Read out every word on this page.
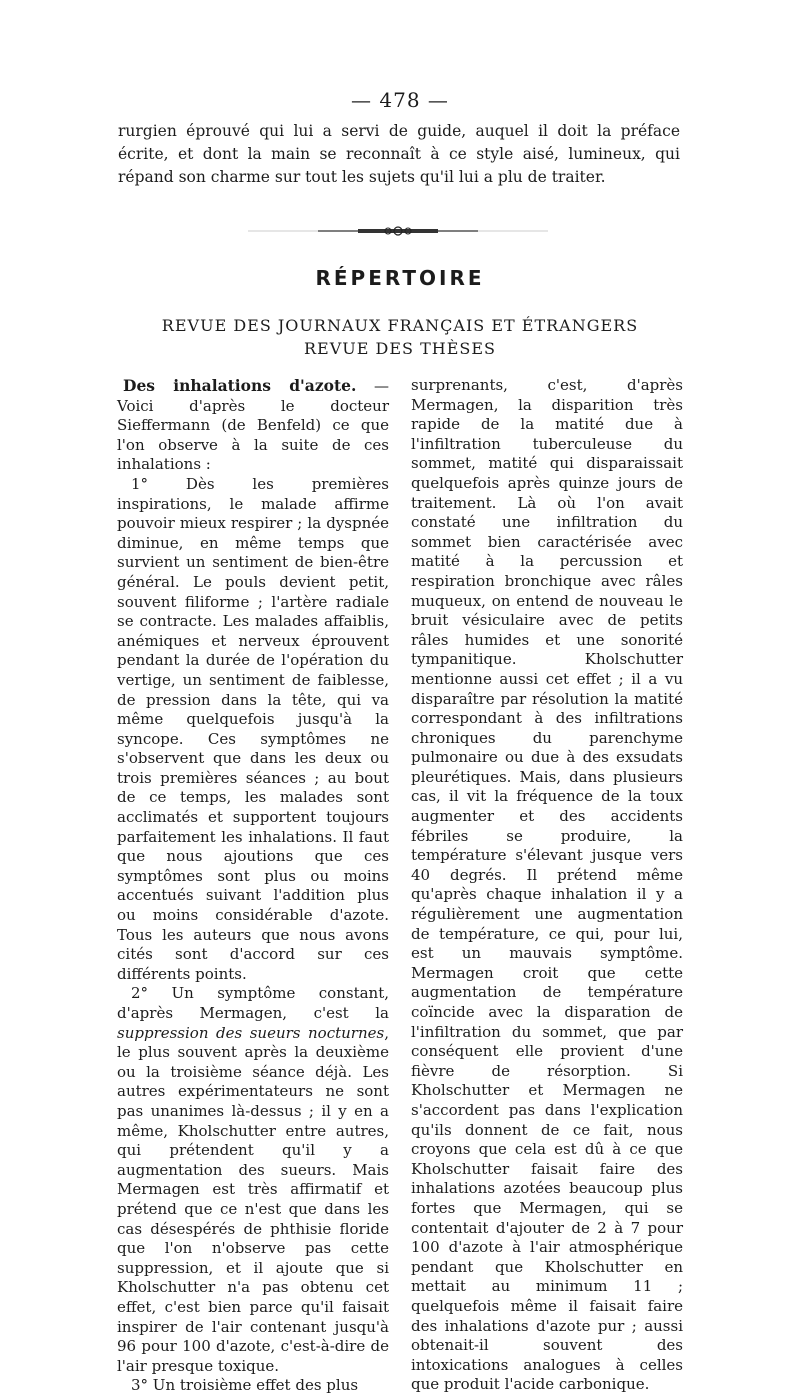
— 478 —

rurgien éprouvé qui lui a servi de guide, auquel il doit la préface écrite, et dont la main se reconnaît à ce style aisé, lumineux, qui répand son charme sur tout les sujets qu'il lui a plu de traiter.

RÉPERTOIRE
REVUE DES JOURNAUX FRANÇAIS ET ÉTRANGERS
REVUE DES THÈSES

Des inhalations d'azote. — Voici d'après le docteur Sieffermann (de Benfeld) ce que l'on observe à la suite de ces inhalations :

1° Dès les premières inspirations, le malade affirme pouvoir mieux respirer ; la dyspnée diminue, en même temps que survient un sentiment de bien-être général. Le pouls devient petit, souvent filiforme ; l'artère radiale se contracte. Les malades affaiblis, anémiques et nerveux éprouvent pendant la durée de l'opération du vertige, un sentiment de faiblesse, de pression dans la tête, qui va même quelquefois jusqu'à la syncope. Ces symptômes ne s'observent que dans les deux ou trois premières séances ; au bout de ce temps, les malades sont acclimatés et supportent toujours parfaitement les inhalations. Il faut que nous ajoutions que ces symptômes sont plus ou moins accentués suivant l'addition plus ou moins considérable d'azote. Tous les auteurs que nous avons cités sont d'accord sur ces différents points.

2° Un symptôme constant, d'après Mermagen, c'est la suppression des sueurs nocturnes, le plus souvent après la deuxième ou la troisième séance déjà. Les autres expérimentateurs ne sont pas unanimes là-dessus ; il y en a même, Kholschutter entre autres, qui prétendent qu'il y a augmentation des sueurs. Mais Mermagen est très affirmatif et prétend que ce n'est que dans les cas désespérés de phthisie floride que l'on n'observe pas cette suppression, et il ajoute que si Kholschutter n'a pas obtenu cet effet, c'est bien parce qu'il faisait inspirer de l'air contenant jusqu'à 96 pour 100 d'azote, c'est-à-dire de l'air presque toxique.

3° Un troisième effet des plus

surprenants, c'est, d'après Mermagen, la disparition très rapide de la matité due à l'infiltration tuberculeuse du sommet, matité qui disparaissait quelquefois après quinze jours de traitement. Là où l'on avait constaté une infiltration du sommet bien caractérisée avec matité à la percussion et respiration bronchique avec râles muqueux, on entend de nouveau le bruit vésiculaire avec de petits râles humides et une sonorité tympanitique. Kholschutter mentionne aussi cet effet ; il a vu disparaître par résolution la matité correspondant à des infiltrations chroniques du parenchyme pulmonaire ou due à des exsudats pleurétiques. Mais, dans plusieurs cas, il vit la fréquence de la toux augmenter et des accidents fébriles se produire, la température s'élevant jusque vers 40 degrés. Il prétend même qu'après chaque inhalation il y a régulièrement une augmentation de température, ce qui, pour lui, est un mauvais symptôme. Mermagen croit que cette augmentation de température coïncide avec la disparation de l'infiltration du sommet, que par conséquent elle provient d'une fièvre de résorption. Si Kholschutter et Mermagen ne s'accordent pas dans l'explication qu'ils donnent de ce fait, nous croyons que cela est dû à ce que Kholschutter faisait faire des inhalations azotées beaucoup plus fortes que Mermagen, qui se contentait d'ajouter de 2 à 7 pour 100 d'azote à l'air atmosphérique pendant que Kholschutter en mettait au minimum 11 ; quelquefois même il faisait faire des inhalations d'azote pur ; aussi obtenait-il souvent des intoxications analogues à celles que produit l'acide carbonique.
